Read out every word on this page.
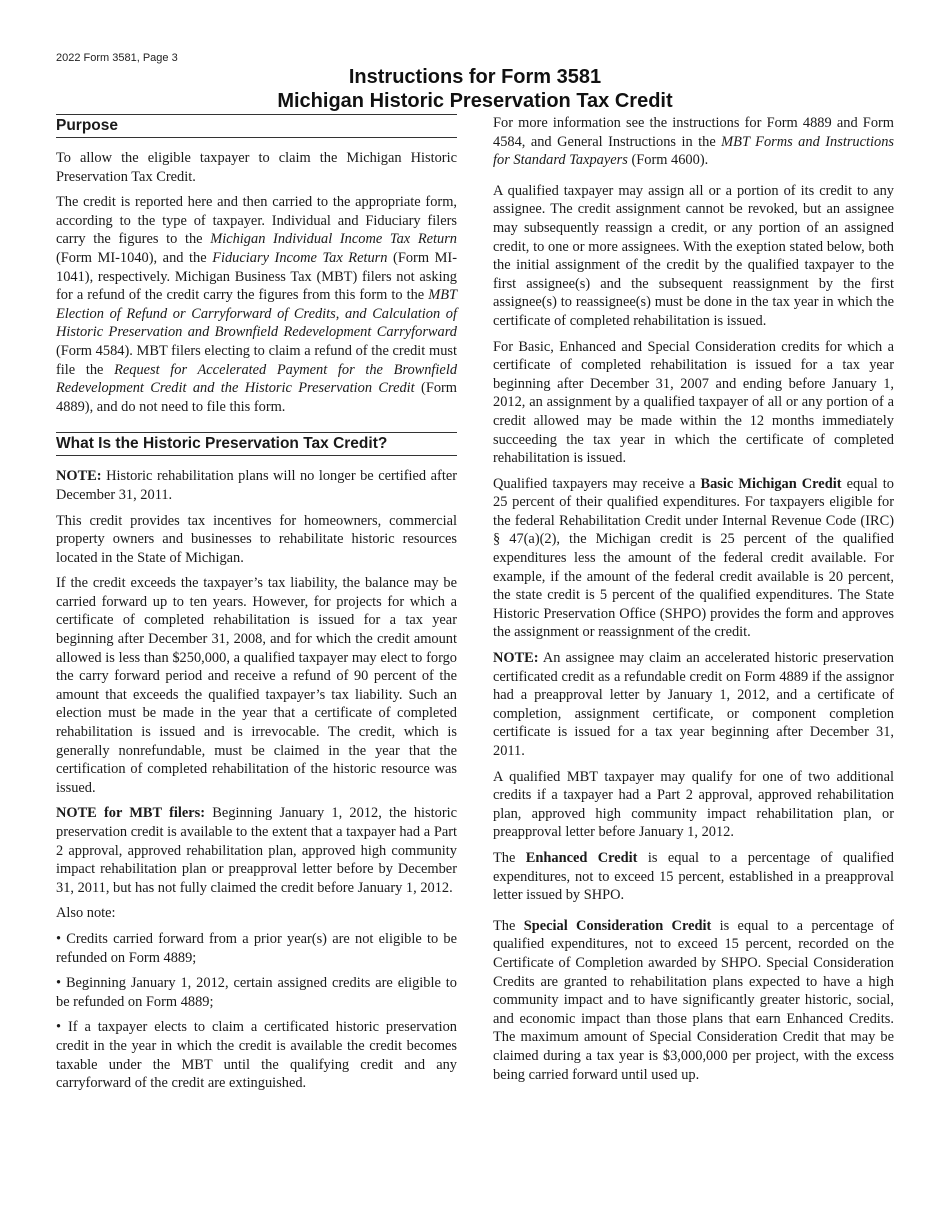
2022 Form 3581, Page 3
Instructions for Form 3581
Michigan Historic Preservation Tax Credit
Purpose

To allow the eligible taxpayer to claim the Michigan Historic Preservation Tax Credit.

The credit is reported here and then carried to the appropriate form, according to the type of taxpayer. Individual and Fiduciary filers carry the figures to the Michigan Individual Income Tax Return (Form MI-1040), and the Fiduciary Income Tax Return (Form MI-1041), respectively. Michigan Business Tax (MBT) filers not asking for a refund of the credit carry the figures from this form to the MBT Election of Refund or Carryforward of Credits, and Calculation of Historic Preservation and Brownfield Redevelopment Carryforward (Form 4584). MBT filers electing to claim a refund of the credit must file the Request for Accelerated Payment for the Brownfield Redevelopment Credit and the Historic Preservation Credit (Form 4889), and do not need to file this form.

What Is the Historic Preservation Tax Credit?

NOTE: Historic rehabilitation plans will no longer be certified after December 31, 2011.

This credit provides tax incentives for homeowners, commercial property owners and businesses to rehabilitate historic resources located in the State of Michigan.

If the credit exceeds the taxpayer’s tax liability, the balance may be carried forward up to ten years. However, for projects for which a certificate of completed rehabilitation is issued for a tax year beginning after December 31, 2008, and for which the credit amount allowed is less than $250,000, a qualified taxpayer may elect to forgo the carry forward period and receive a refund of 90 percent of the amount that exceeds the qualified taxpayer’s tax liability. Such an election must be made in the year that a certificate of completed rehabilitation is issued and is irrevocable. The credit, which is generally nonrefundable, must be claimed in the year that the certification of completed rehabilitation of the historic resource was issued.

NOTE for MBT filers: Beginning January 1, 2012, the historic preservation credit is available to the extent that a taxpayer had a Part 2 approval, approved rehabilitation plan, approved high community impact rehabilitation plan or preapproval letter before by December 31, 2011, but has not fully claimed the credit before January 1, 2012.

Also note:

• Credits carried forward from a prior year(s) are not eligible to be refunded on Form 4889;

• Beginning January 1, 2012, certain assigned credits are eligible to be refunded on Form 4889;

• If a taxpayer elects to claim a certificated historic preservation credit in the year in which the credit is available the credit becomes taxable under the MBT until the qualifying credit and any carryforward of the credit are extinguished.

For more information see the instructions for Form 4889 and Form 4584, and General Instructions in the MBT Forms and Instructions for Standard Taxpayers (Form 4600).

A qualified taxpayer may assign all or a portion of its credit to any assignee. The credit assignment cannot be revoked, but an assignee may subsequently reassign a credit, or any portion of an assigned credit, to one or more assignees. With the exeption stated below, both the initial assignment of the credit by the qualified taxpayer to the first assignee(s) and the subsequent reassignment by the first assignee(s) to reassignee(s) must be done in the tax year in which the certificate of completed rehabilitation is issued.

For Basic, Enhanced and Special Consideration credits for which a certificate of completed rehabilitation is issued for a tax year beginning after December 31, 2007 and ending before January 1, 2012, an assignment by a qualified taxpayer of all or any portion of a credit allowed may be made within the 12 months immediately succeeding the tax year in which the certificate of completed rehabilitation is issued.

Qualified taxpayers may receive a Basic Michigan Credit equal to 25 percent of their qualified expenditures. For taxpayers eligible for the federal Rehabilitation Credit under Internal Revenue Code (IRC) § 47(a)(2), the Michigan credit is 25 percent of the qualified expenditures less the amount of the federal credit available. For example, if the amount of the federal credit available is 20 percent, the state credit is 5 percent of the qualified expenditures. The State Historic Preservation Office (SHPO) provides the form and approves the assignment or reassignment of the credit.

NOTE: An assignee may claim an accelerated historic preservation certificated credit as a refundable credit on Form 4889 if the assignor had a preapproval letter by January 1, 2012, and a certificate of completion, assignment certificate, or component completion certificate is issued for a tax year beginning after December 31, 2011.

A qualified MBT taxpayer may qualify for one of two additional credits if a taxpayer had a Part 2 approval, approved rehabilitation plan, approved high community impact rehabilitation plan, or preapproval letter before January 1, 2012.

The Enhanced Credit is equal to a percentage of qualified expenditures, not to exceed 15 percent, established in a preapproval letter issued by SHPO.

The Special Consideration Credit is equal to a percentage of qualified expenditures, not to exceed 15 percent, recorded on the Certificate of Completion awarded by SHPO. Special Consideration Credits are granted to rehabilitation plans expected to have a high community impact and to have significantly greater historic, social, and economic impact than those plans that earn Enhanced Credits. The maximum amount of Special Consideration Credit that may be claimed during a tax year is $3,000,000 per project, with the excess being carried forward until used up.
